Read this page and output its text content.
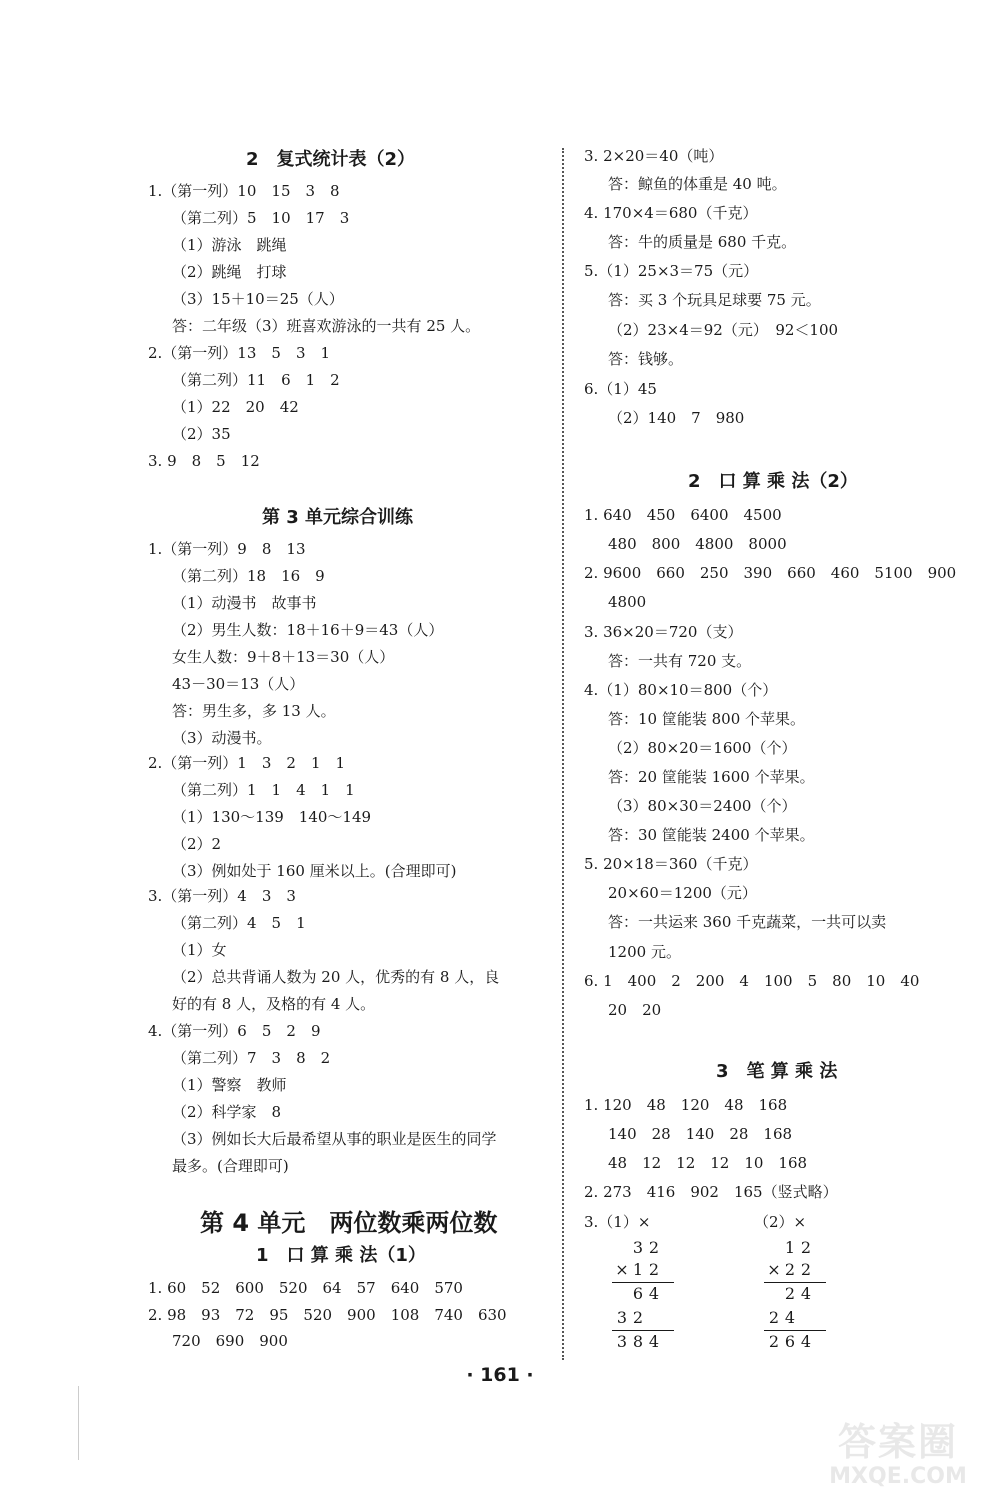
2　复式统计表（2）
1.（第一列）10　15　3　8
（第二列）5　10　17　3
（1）游泳　跳绳
（2）跳绳　打球
（3）15＋10＝25（人）
答：二年级（3）班喜欢游泳的一共有 25 人。
2.（第一列）13　5　3　1
（第二列）11　6　1　2
（1）22　20　42
（2）35
3. 9　8　5　12
第 3 单元综合训练
1.（第一列）9　8　13
（第二列）18　16　9
（1）动漫书　故事书
（2）男生人数：18＋16＋9＝43（人）
女生人数：9＋8＋13＝30（人）
43－30＝13（人）
答：男生多，多 13 人。
（3）动漫书。
2.（第一列）1　3　2　1　1
（第二列）1　1　4　1　1
（1）130～139　140～149
（2）2
（3）例如处于 160 厘米以上。(合理即可)
3.（第一列）4　3　3
（第二列）4　5　1
（1）女
（2）总共背诵人数为 20 人，优秀的有 8 人，良
好的有 8 人，及格的有 4 人。
4.（第一列）6　5　2　9
（第二列）7　3　8　2
（1）警察　教师
（2）科学家　8
（3）例如长大后最希望从事的职业是医生的同学
最多。(合理即可)
第 4 单元　两位数乘两位数
1　口 算 乘 法（1）
1. 60　52　600　520　64　57　640　570
2. 98　93　72　95　520　900　108　740　630
720　690　900
3. 2×20＝40（吨）
答：鲸鱼的体重是 40 吨。
4. 170×4＝680（千克）
答：牛的质量是 680 千克。
5.（1）25×3＝75（元）
答：买 3 个玩具足球要 75 元。
（2）23×4＝92（元）　92＜100
答：钱够。
6.（1）45
（2）140　7　980
2　口 算 乘 法（2）
1. 640　450　6400　4500
480　800　4800　8000
2. 9600　660　250　390　660　460　5100　900
4800
3. 36×20＝720（支）
答：一共有 720 支。
4.（1）80×10＝800（个）
答：10 筐能装 800 个苹果。
（2）80×20＝1600（个）
答：20 筐能装 1600 个苹果。
（3）80×30＝2400（个）
答：30 筐能装 2400 个苹果。
5. 20×18＝360（千克）
20×60＝1200（元）
答：一共运来 360 千克蔬菜，一共可以卖
1200 元。
6. 1　400　2　200　4　100　5　80　10　40
20　20
3　笔 算 乘 法
1. 120　48　120　48　168
140　28　140　28　168
48　12　12　12　10　168
2. 273　416　902　165（竖式略）
3.（1）×	（2）×
3 2
× 1 2
6 4
3 2
3 8 4
1 2
× 2 2
2 4
2 4
2 6 4
· 161 ·
答案圈
MXQE.COM
